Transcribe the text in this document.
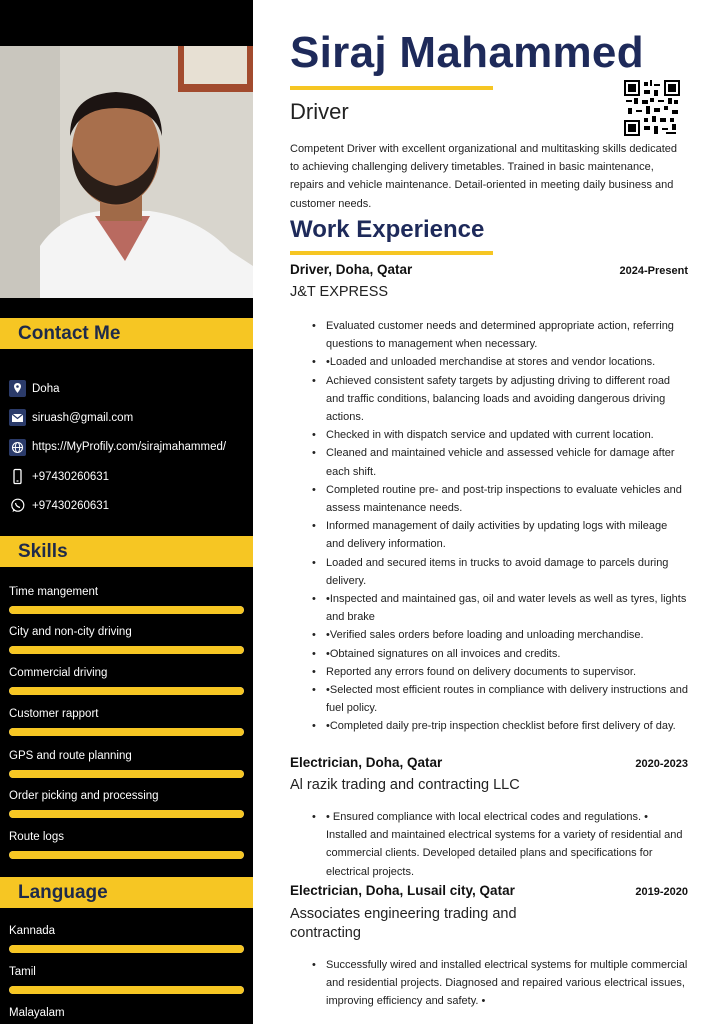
Contact Me
Doha
siruash@gmail.com
https://MyProfily.com/sirajmahammed/
+97430260631
+97430260631
Skills
Time mangement
City and non-city driving
Commercial driving
Customer rapport
GPS and route planning
Order picking and processing
Route logs
Language
Kannada
Tamil
Malayalam
Siraj Mahammed
Driver
Competent Driver with excellent organizational and multitasking skills dedicated to achieving challenging delivery timetables. Trained in basic maintenance, repairs and vehicle maintenance. Detail-oriented in meeting daily business and customer needs.
Work Experience
Driver, Doha, Qatar	2024-Present
J&T EXPRESS
• Evaluated customer needs and determined appropriate action, referring questions to management when necessary.
• •Loaded and unloaded merchandise at stores and vendor locations.
• Achieved consistent safety targets by adjusting driving to different road and traffic conditions, balancing loads and avoiding dangerous driving actions.
• Checked in with dispatch service and updated with current location.
• Cleaned and maintained vehicle and assessed vehicle for damage after each shift.
• Completed routine pre- and post-trip inspections to evaluate vehicles and assess maintenance needs.
• Informed management of daily activities by updating logs with mileage and delivery information.
• Loaded and secured items in trucks to avoid damage to parcels during delivery.
• •Inspected and maintained gas, oil and water levels as well as tyres, lights and brake
• •Verified sales orders before loading and unloading merchandise.
• •Obtained signatures on all invoices and credits.
• Reported any errors found on delivery documents to supervisor.
• •Selected most efficient routes in compliance with delivery instructions and fuel policy.
• •Completed daily pre-trip inspection checklist before first delivery of day.
Electrician, Doha, Qatar	2020-2023
Al razik trading and contracting LLC
• • Ensured compliance with local electrical codes and regulations. • Installed and maintained electrical systems for a variety of residential and commercial clients. Developed detailed plans and specifications for electrical projects.
Electrician, Doha, Lusail city, Qatar	2019-2020
Associates engineering trading and contracting
• Successfully wired and installed electrical systems for multiple commercial and residential projects. Diagnosed and repaired various electrical issues, improving efficiency and safety. •
